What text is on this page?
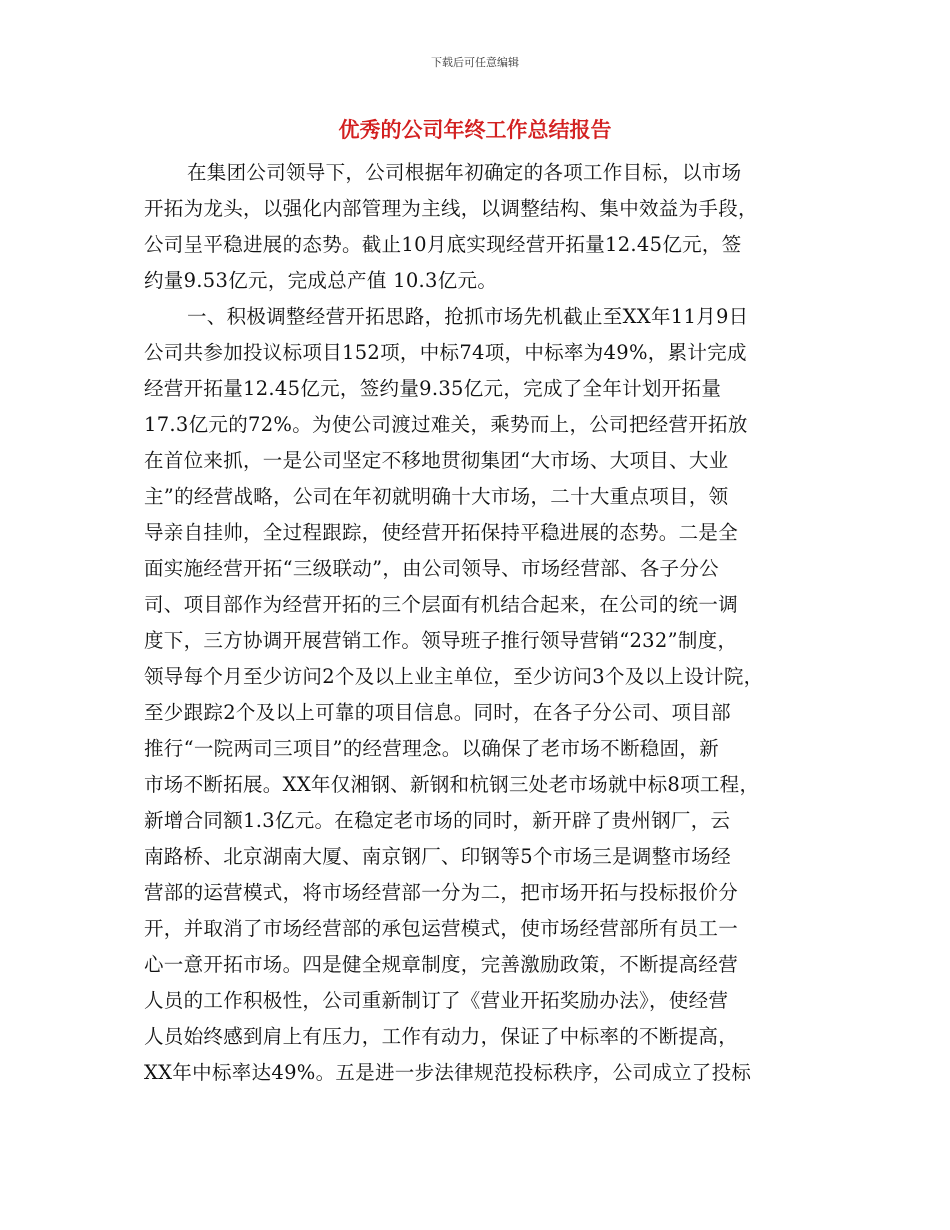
下载后可任意编辑
优秀的公司年终工作总结报告
在集团公司领导下，公司根据年初确定的各项工作目标，以市场
开拓为龙头，以强化内部管理为主线，以调整结构、集中效益为手段，
公司呈平稳进展的态势。截止10月底实现经营开拓量12.45亿元，签
约量9.53亿元，完成总产值 10.3亿元。
一、积极调整经营开拓思路，抢抓市场先机截止至XX年11月9日
公司共参加投议标项目152项，中标74项，中标率为49%，累计完成
经营开拓量12.45亿元，签约量9.35亿元，完成了全年计划开拓量
17.3亿元的72%。为使公司渡过难关，乘势而上，公司把经营开拓放
在首位来抓，一是公司坚定不移地贯彻集团“大市场、大项目、大业
主”的经营战略，公司在年初就明确十大市场，二十大重点项目，领
导亲自挂帅，全过程跟踪，使经营开拓保持平稳进展的态势。二是全
面实施经营开拓“三级联动”，由公司领导、市场经营部、各子分公
司、项目部作为经营开拓的三个层面有机结合起来，在公司的统一调
度下，三方协调开展营销工作。领导班子推行领导营销“232”制度，
领导每个月至少访问2个及以上业主单位，至少访问3个及以上设计院，
至少跟踪2个及以上可靠的项目信息。同时，在各子分公司、项目部
推行“一院两司三项目”的经营理念。以确保了老市场不断稳固，新
市场不断拓展。XX年仅湘钢、新钢和杭钢三处老市场就中标8项工程，
新增合同额1.3亿元。在稳定老市场的同时，新开辟了贵州钢厂，云
南路桥、北京湖南大厦、南京钢厂、印钢等5个市场三是调整市场经
营部的运营模式，将市场经营部一分为二，把市场开拓与投标报价分
开，并取消了市场经营部的承包运营模式，使市场经营部所有员工一
心一意开拓市场。四是健全规章制度，完善激励政策，不断提高经营
人员的工作积极性，公司重新制订了《营业开拓奖励办法》，使经营
人员始终感到肩上有压力，工作有动力，保证了中标率的不断提高，
XX年中标率达49%。五是进一步法律规范投标秩序，公司成立了投标
